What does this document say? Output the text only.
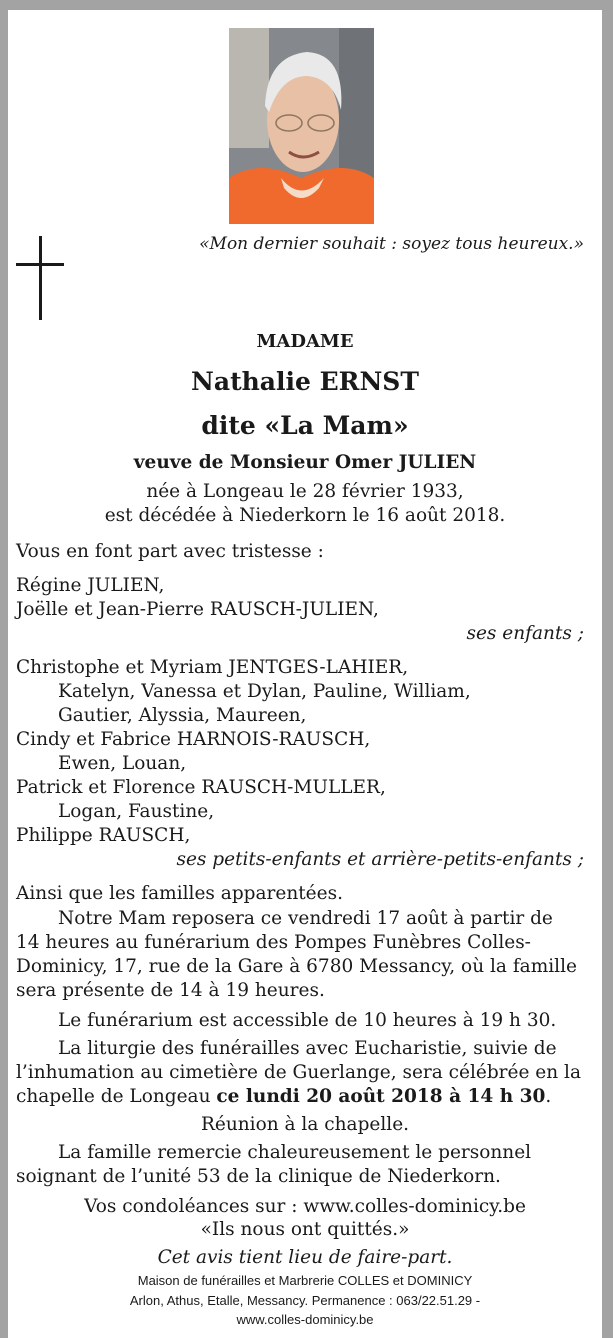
«Mon dernier souhait : soyez tous heureux.»

MADAME

Nathalie ERNST

dite «La Mam»

veuve de Monsieur Omer JULIEN

née à Longeau le 28 février 1933,

est décédée à Niederkorn le 16 août 2018.

Vous en font part avec tristesse :

Régine JULIEN,

Joëlle et Jean-Pierre RAUSCH-JULIEN,

ses enfants ;

Christophe et Myriam JENTGES-LAHIER,

Katelyn, Vanessa et Dylan, Pauline, William,

Gautier, Alyssia, Maureen,

Cindy et Fabrice HARNOIS-RAUSCH,

Ewen, Louan,

Patrick et Florence RAUSCH-MULLER,

Logan, Faustine,

Philippe RAUSCH,

ses petits-enfants et arrière-petits-enfants ;

Ainsi que les familles apparentées.

Notre Mam reposera ce vendredi 17 août à partir de

14 heures au funérarium des Pompes Funèbres Colles-

Dominicy, 17, rue de la Gare à 6780 Messancy, où la famille

sera présente de 14 à 19 heures.

Le funérarium est accessible de 10 heures à 19 h 30.

La liturgie des funérailles avec Eucharistie, suivie de

l’inhumation au cimetière de Guerlange, sera célébrée en la

chapelle de Longeau ce lundi 20 août 2018 à 14 h 30.

Réunion à la chapelle.

La famille remercie chaleureusement le personnel

soignant de l’unité 53 de la clinique de Niederkorn.

Vos condoléances sur : www.colles-dominicy.be

«Ils nous ont quittés.»

Cet avis tient lieu de faire-part.

Maison de funérailles et Marbrerie COLLES et DOMINICY

Arlon, Athus, Etalle, Messancy. Permanence : 063/22.51.29 -

www.colles-dominicy.be
